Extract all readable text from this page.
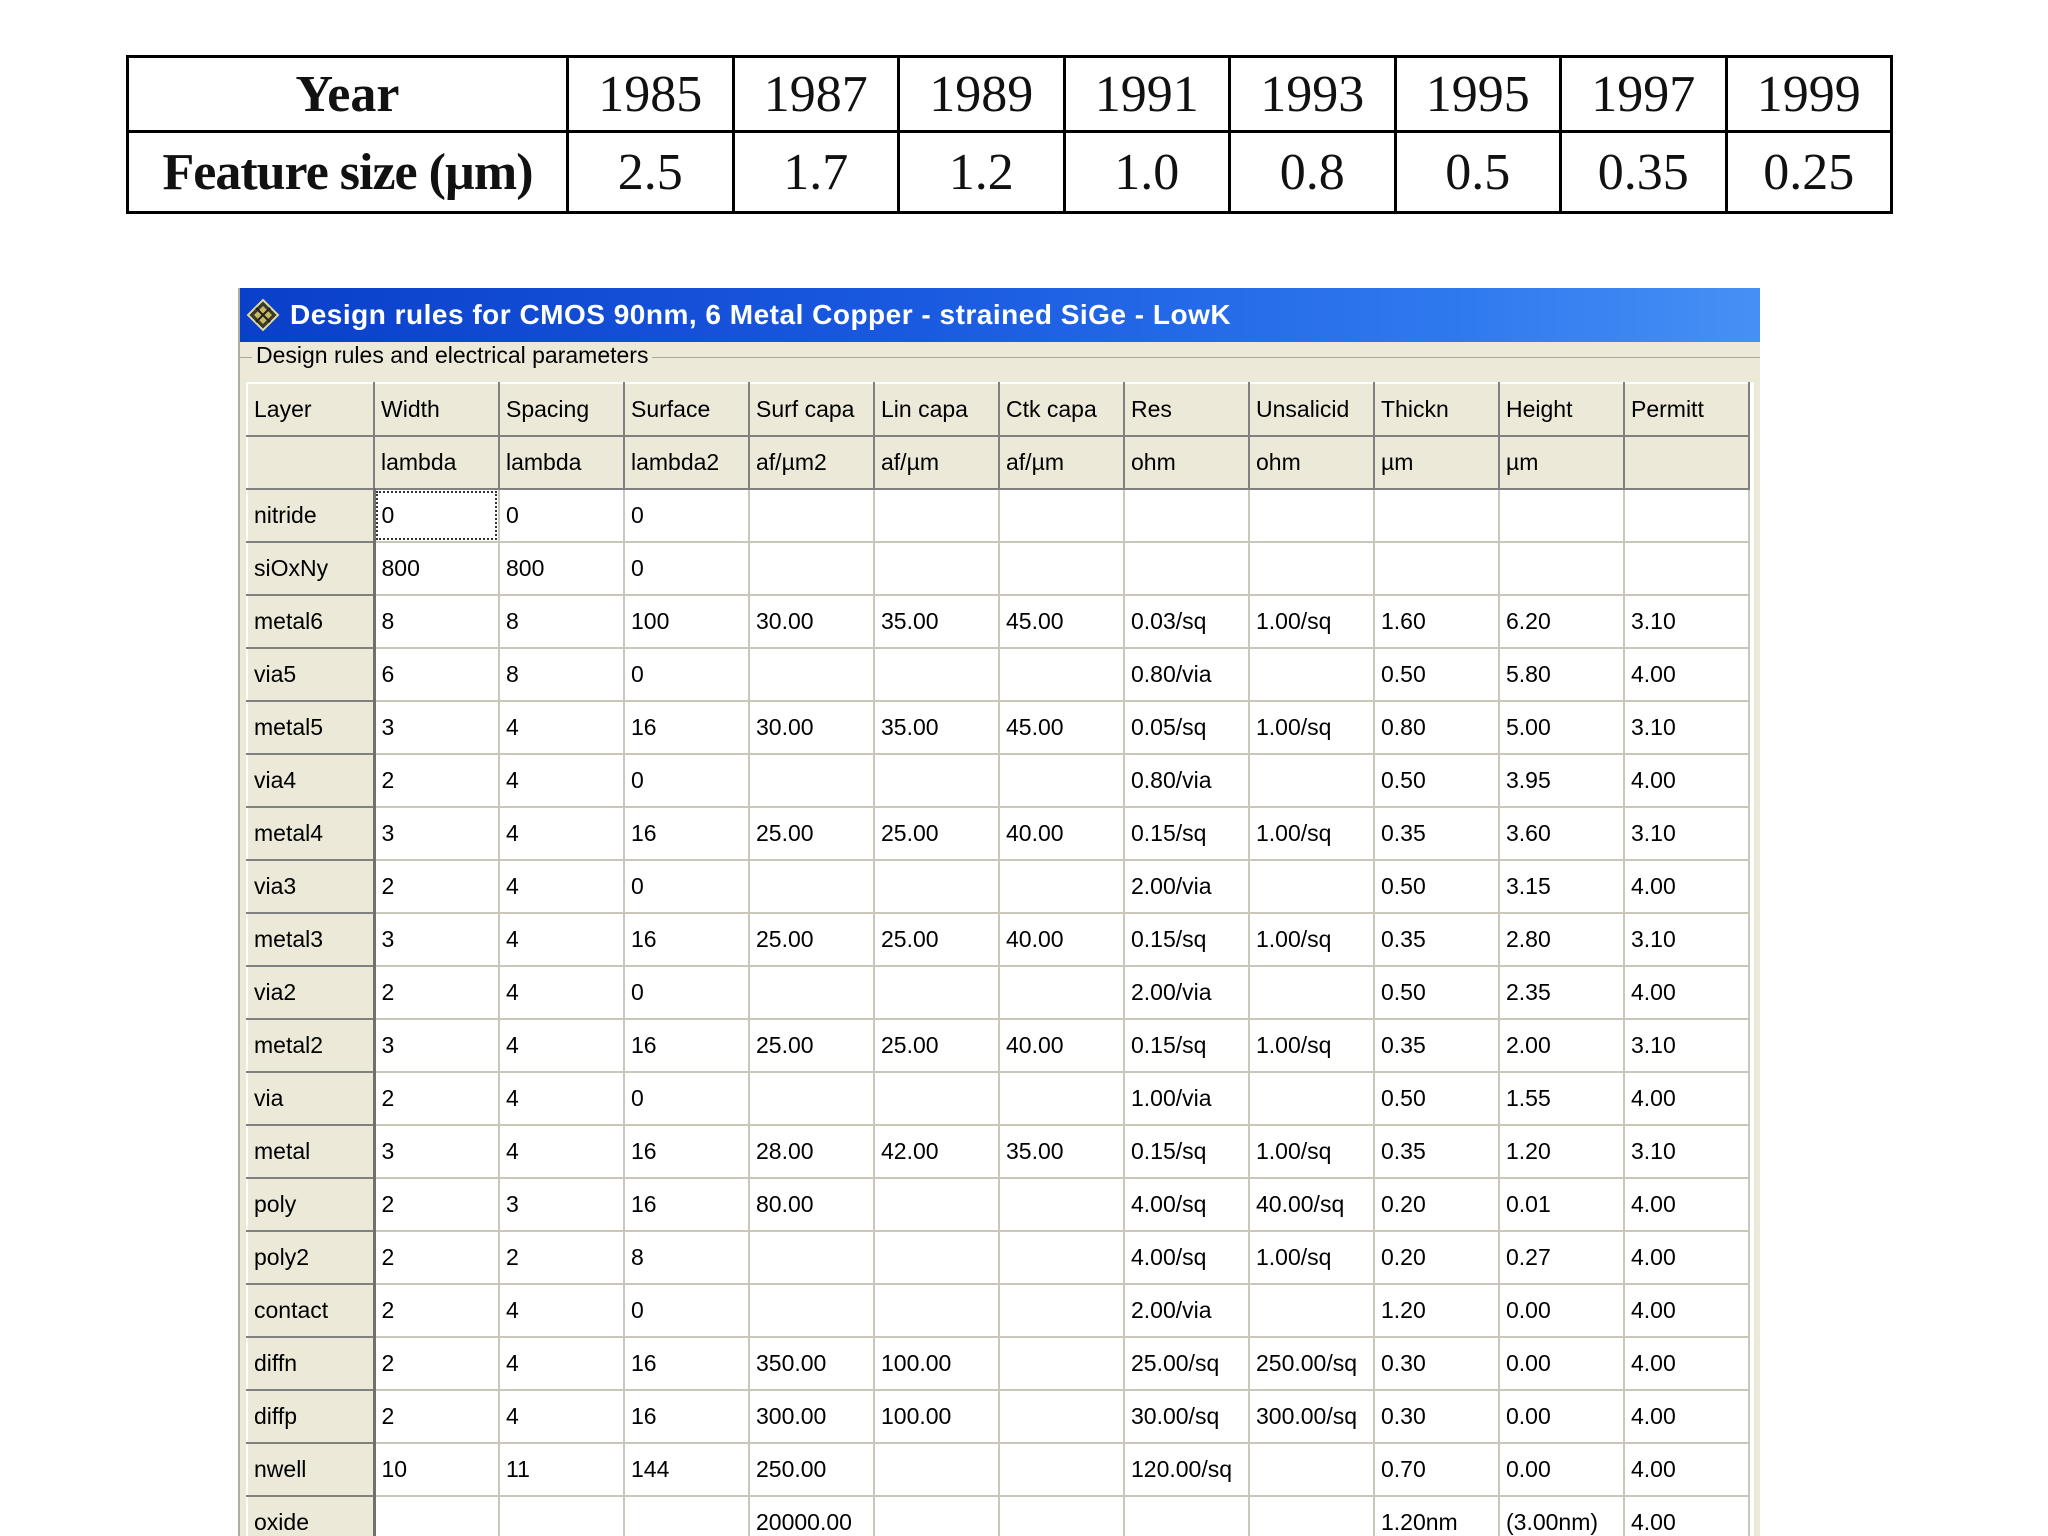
Year	1985	1987	1989	1991	1993	1995	1997	1999
Feature size (µm)	2.5	1.7	1.2	1.0	0.8	0.5	0.35	0.25
Design rules for CMOS 90nm, 6 Metal Copper - strained SiGe - LowK
Design rules and electrical parameters
Layer	Width	Spacing	Surface	Surf capa	Lin capa	Ctk capa	Res	Unsalicid	Thickn	Height	Permitt
	lambda	lambda	lambda2	af/µm2	af/µm	af/µm	ohm	ohm	µm	µm	
nitride	0	0	0								
siOxNy	800	800	0								
metal6	8	8	100	30.00	35.00	45.00	0.03/sq	1.00/sq	1.60	6.20	3.10
via5	6	8	0				0.80/via		0.50	5.80	4.00
metal5	3	4	16	30.00	35.00	45.00	0.05/sq	1.00/sq	0.80	5.00	3.10
via4	2	4	0				0.80/via		0.50	3.95	4.00
metal4	3	4	16	25.00	25.00	40.00	0.15/sq	1.00/sq	0.35	3.60	3.10
via3	2	4	0				2.00/via		0.50	3.15	4.00
metal3	3	4	16	25.00	25.00	40.00	0.15/sq	1.00/sq	0.35	2.80	3.10
via2	2	4	0				2.00/via		0.50	2.35	4.00
metal2	3	4	16	25.00	25.00	40.00	0.15/sq	1.00/sq	0.35	2.00	3.10
via	2	4	0				1.00/via		0.50	1.55	4.00
metal	3	4	16	28.00	42.00	35.00	0.15/sq	1.00/sq	0.35	1.20	3.10
poly	2	3	16	80.00			4.00/sq	40.00/sq	0.20	0.01	4.00
poly2	2	2	8				4.00/sq	1.00/sq	0.20	0.27	4.00
contact	2	4	0				2.00/via		1.20	0.00	4.00
diffn	2	4	16	350.00	100.00		25.00/sq	250.00/sq	0.30	0.00	4.00
diffp	2	4	16	300.00	100.00		30.00/sq	300.00/sq	0.30	0.00	4.00
nwell	10	11	144	250.00			120.00/sq		0.70	0.00	4.00
oxide				20000.00					1.20nm	(3.00nm)	4.00
